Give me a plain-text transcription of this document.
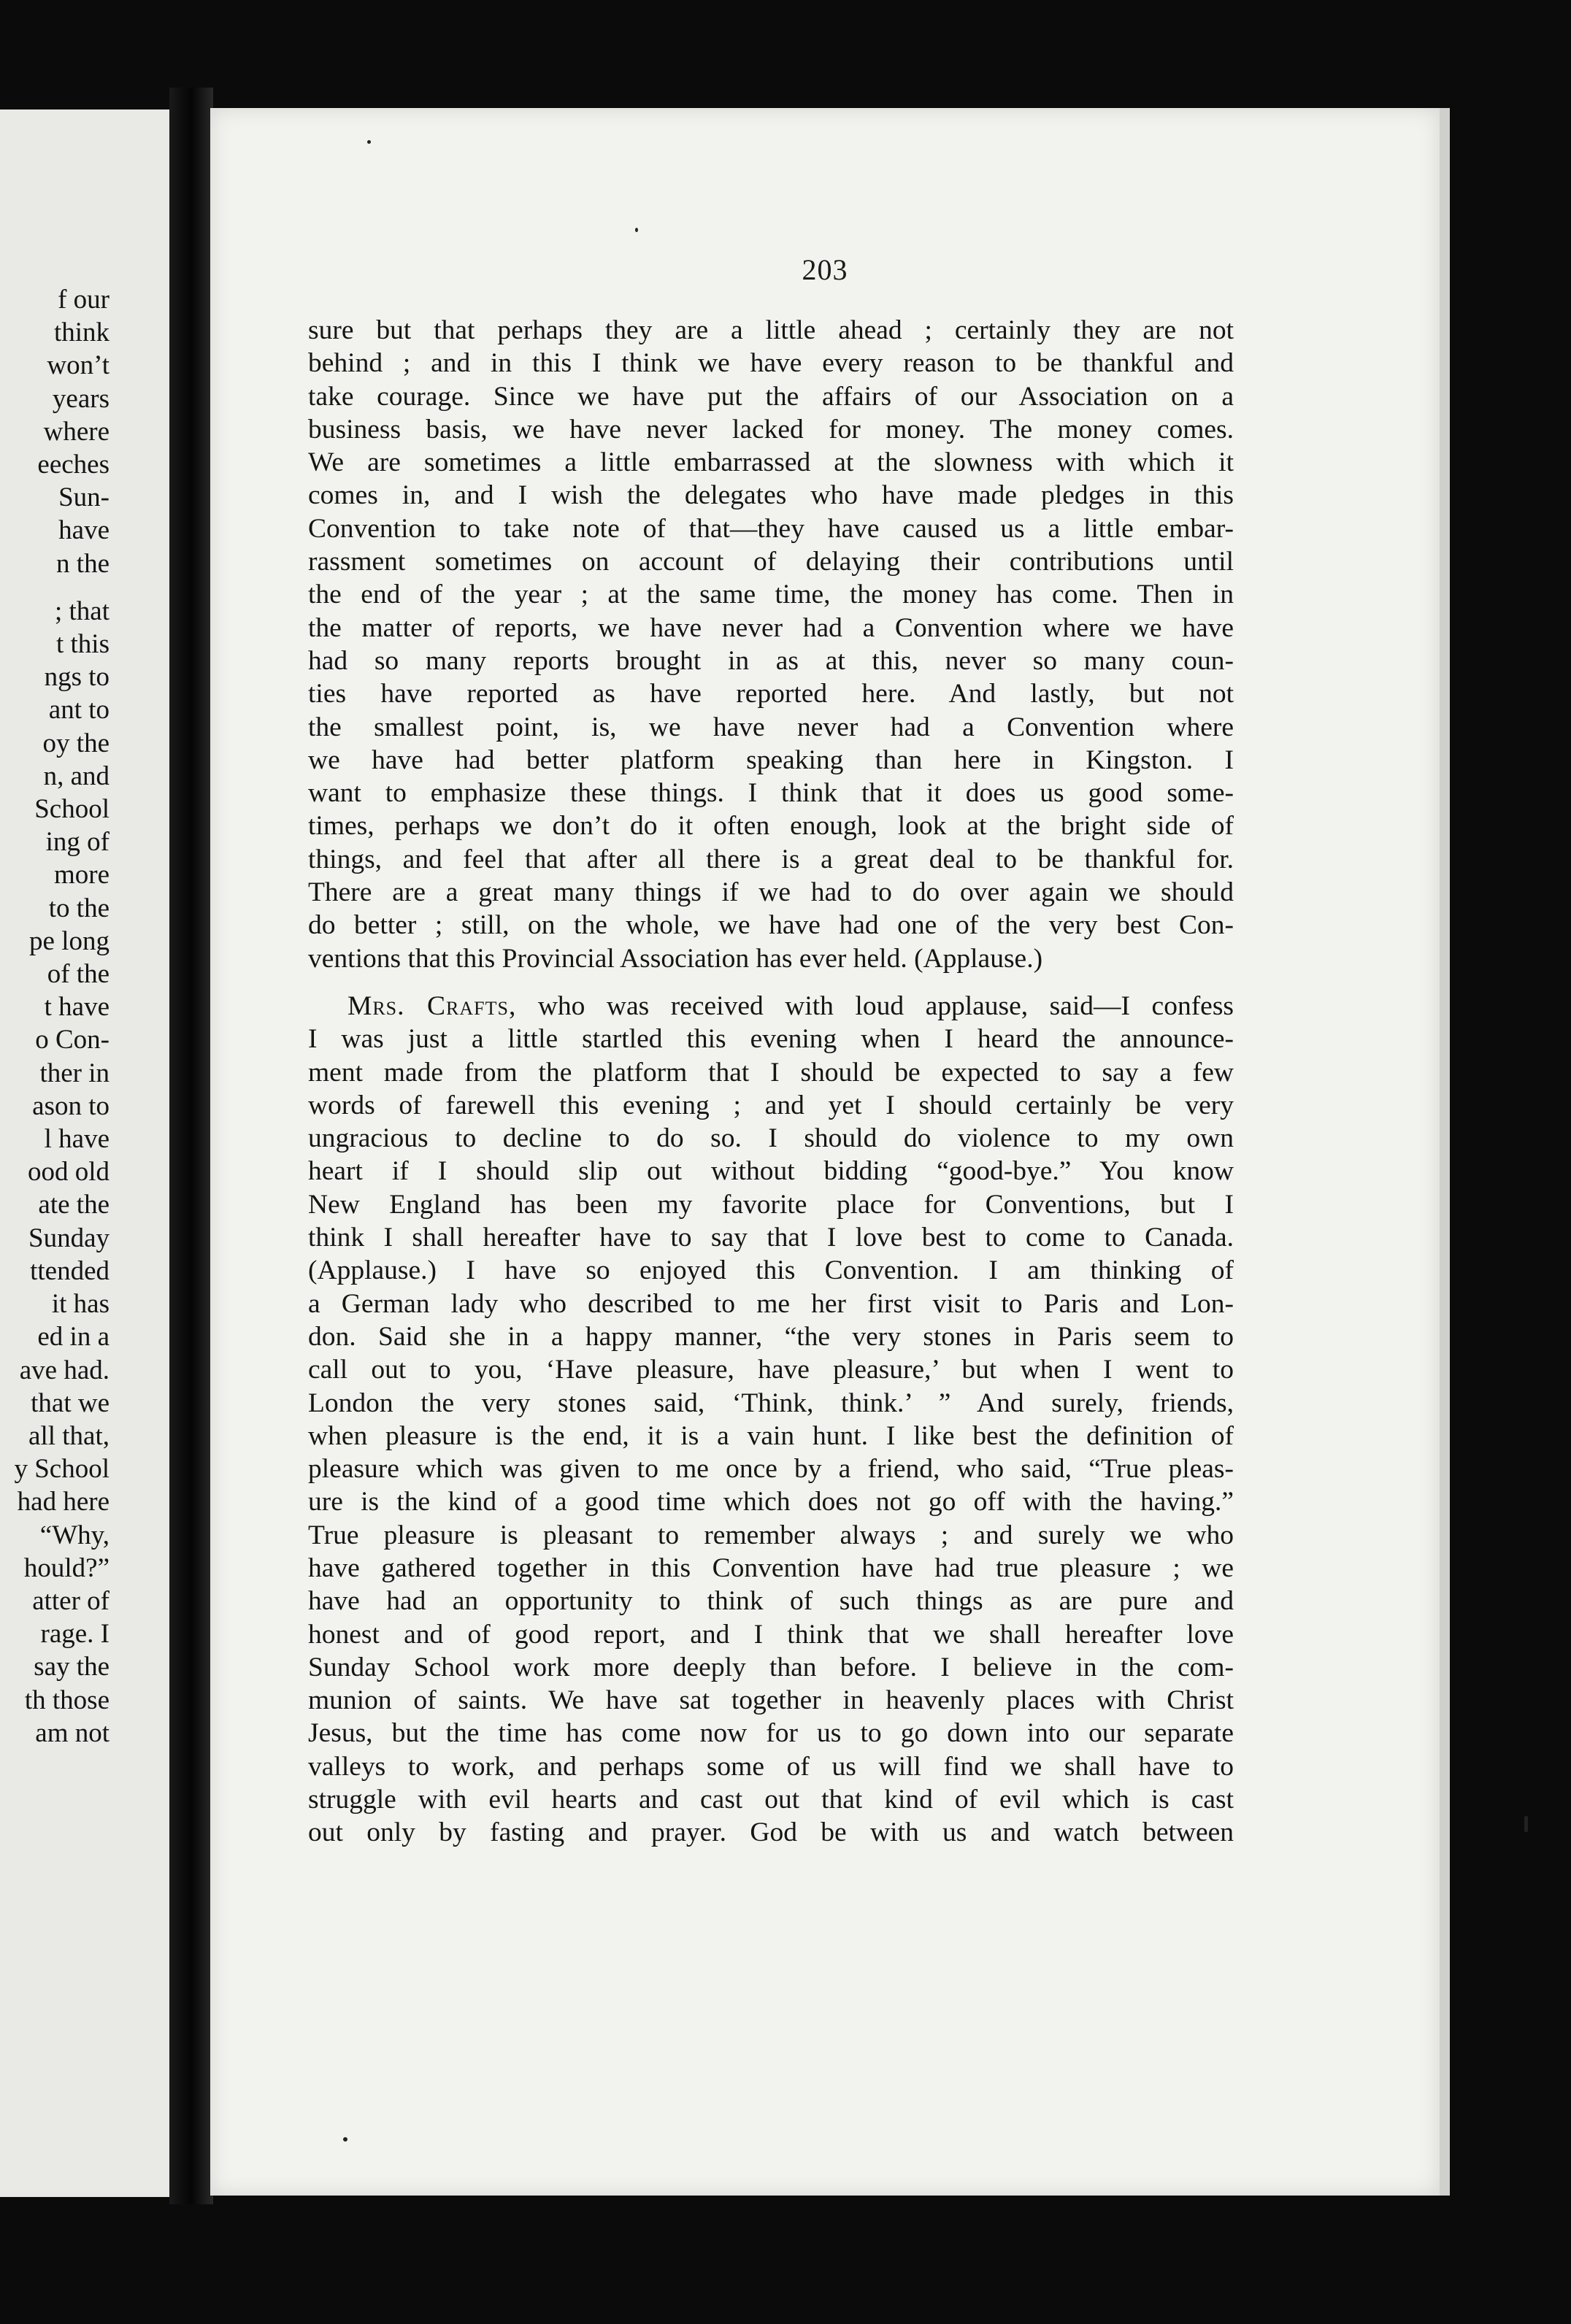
f our
think
won’t
years
where
eeches
Sun-
have
n the
; that
t this
ngs to
ant to
oy the
n, and
School
ing of
more
to the
pe long
of the
t have
o Con-
ther in
ason to
l have
ood old
ate the
Sunday
ttended
it has
ed in a
ave had.
that we
all that,
y School
had here
“Why,
hould?”
atter of
rage. I
say the
th those
am not
203
sure but that perhaps they are a little ahead ; certainly they are not
behind ; and in this I think we have every reason to be thankful and
take courage. Since we have put the affairs of our Association on a
business basis, we have never lacked for money. The money comes.
We are sometimes a little embarrassed at the slowness with which it
comes in, and I wish the delegates who have made pledges in this
Convention to take note of that—they have caused us a little embar-
rassment sometimes on account of delaying their contributions until
the end of the year ; at the same time, the money has come. Then in
the matter of reports, we have never had a Convention where we have
had so many reports brought in as at this, never so many coun-
ties have reported as have reported here. And lastly, but not
the smallest point, is, we have never had a Convention where
we have had better platform speaking than here in Kingston. I
want to emphasize these things. I think that it does us good some-
times, perhaps we don’t do it often enough, look at the bright side of
things, and feel that after all there is a great deal to be thankful for.
There are a great many things if we had to do over again we should
do better ; still, on the whole, we have had one of the very best Con-
ventions that this Provincial Association has ever held. (Applause.)
Mrs. Crafts, who was received with loud applause, said—I confess
I was just a little startled this evening when I heard the announce-
ment made from the platform that I should be expected to say a few
words of farewell this evening ; and yet I should certainly be very
ungracious to decline to do so. I should do violence to my own
heart if I should slip out without bidding “good-bye.” You know
New England has been my favorite place for Conventions, but I
think I shall hereafter have to say that I love best to come to Canada.
(Applause.) I have so enjoyed this Convention. I am thinking of
a German lady who described to me her first visit to Paris and Lon-
don. Said she in a happy manner, “the very stones in Paris seem to
call out to you, ‘Have pleasure, have pleasure,’ but when I went to
London the very stones said, ‘Think, think.’ ” And surely, friends,
when pleasure is the end, it is a vain hunt. I like best the definition of
pleasure which was given to me once by a friend, who said, “True pleas-
ure is the kind of a good time which does not go off with the having.”
True pleasure is pleasant to remember always ; and surely we who
have gathered together in this Convention have had true pleasure ; we
have had an opportunity to think of such things as are pure and
honest and of good report, and I think that we shall hereafter love
Sunday School work more deeply than before. I believe in the com-
munion of saints. We have sat together in heavenly places with Christ
Jesus, but the time has come now for us to go down into our separate
valleys to work, and perhaps some of us will find we shall have to
struggle with evil hearts and cast out that kind of evil which is cast
out only by fasting and prayer. God be with us and watch between
